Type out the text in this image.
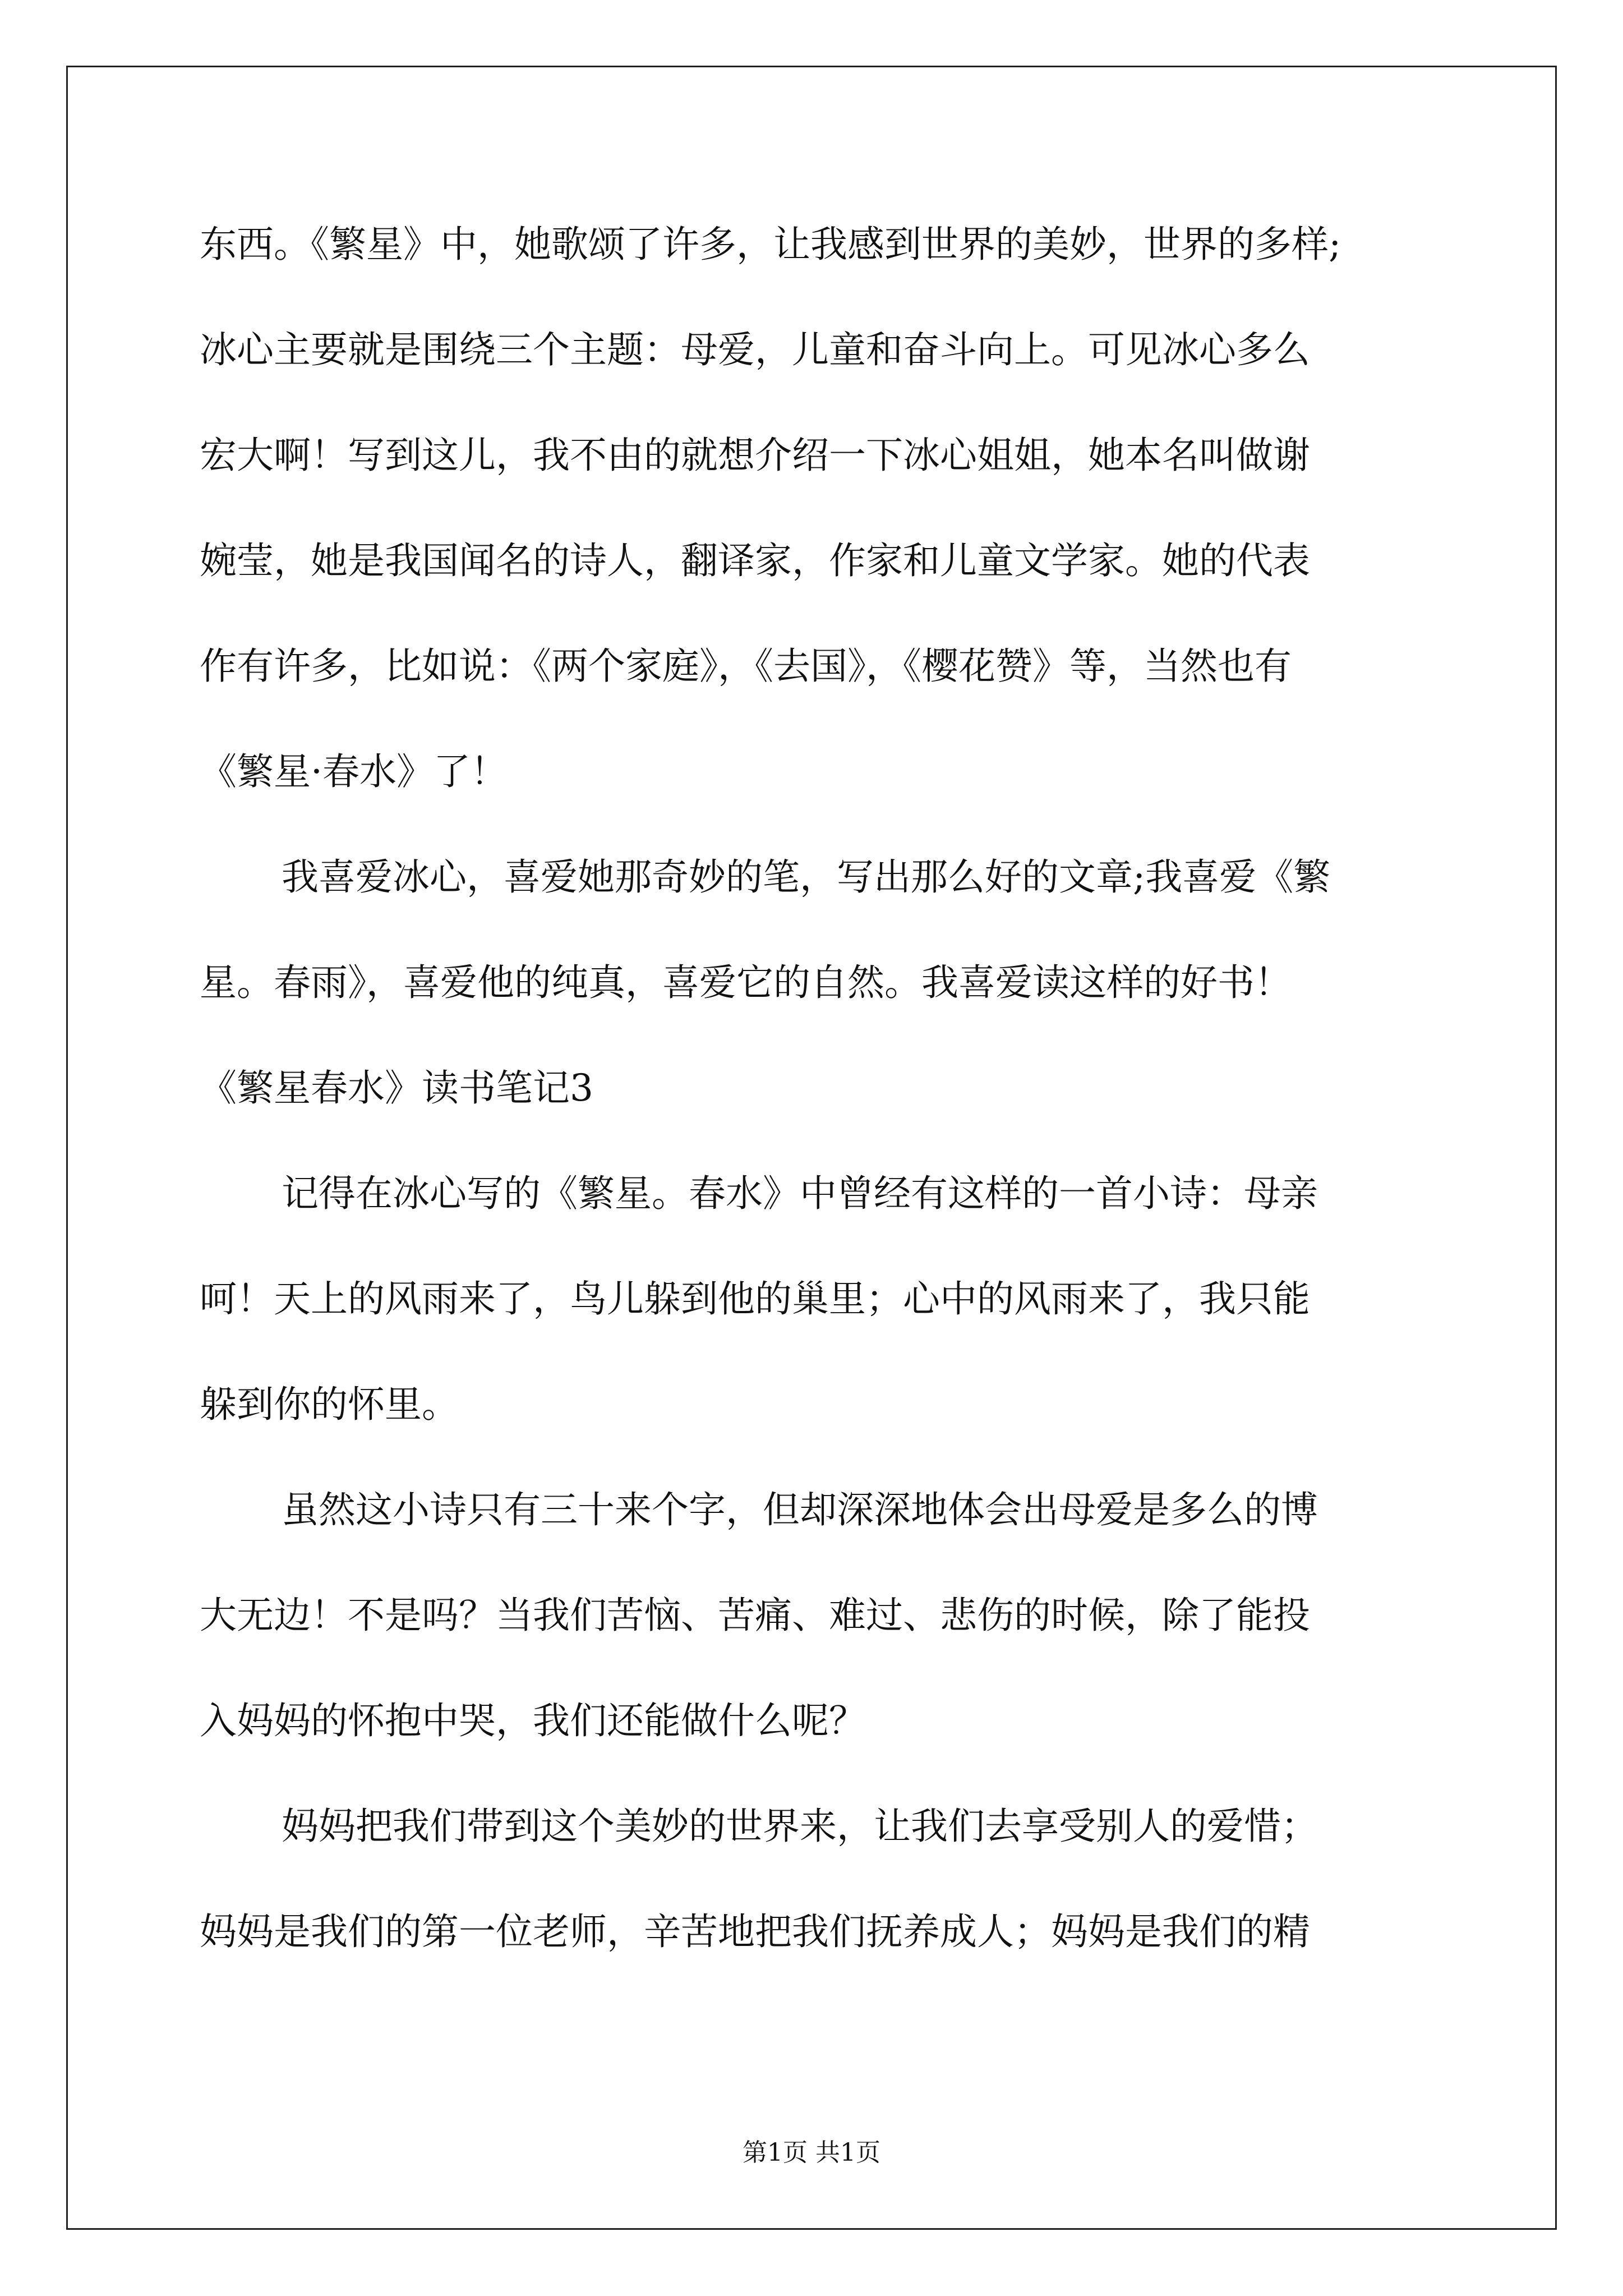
东西。《繁星》中，她歌颂了许多，让我感到世界的美妙，世界的多样;
冰心主要就是围绕三个主题：母爱，儿童和奋斗向上。可见冰心多么
宏大啊！写到这儿，我不由的就想介绍一下冰心姐姐，她本名叫做谢
婉莹，她是我国闻名的诗人，翻译家，作家和儿童文学家。她的代表
作有许多，比如说：《两个家庭》，《去国》，《樱花赞》等，当然也有
《繁星·春水》了！
我喜爱冰心，喜爱她那奇妙的笔，写出那么好的文章;我喜爱《繁
星。春雨》，喜爱他的纯真，喜爱它的自然。我喜爱读这样的好书！
《繁星春水》读书笔记3
记得在冰心写的《繁星。春水》中曾经有这样的一首小诗：母亲
呵！天上的风雨来了，鸟儿躲到他的巢里；心中的风雨来了，我只能
躲到你的怀里。
虽然这小诗只有三十来个字，但却深深地体会出母爱是多么的博
大无边！不是吗？当我们苦恼、苦痛、难过、悲伤的时候，除了能投
入妈妈的怀抱中哭，我们还能做什么呢？
妈妈把我们带到这个美妙的世界来，让我们去享受别人的爱惜；
妈妈是我们的第一位老师，辛苦地把我们抚养成人；妈妈是我们的精
第1页 共1页
